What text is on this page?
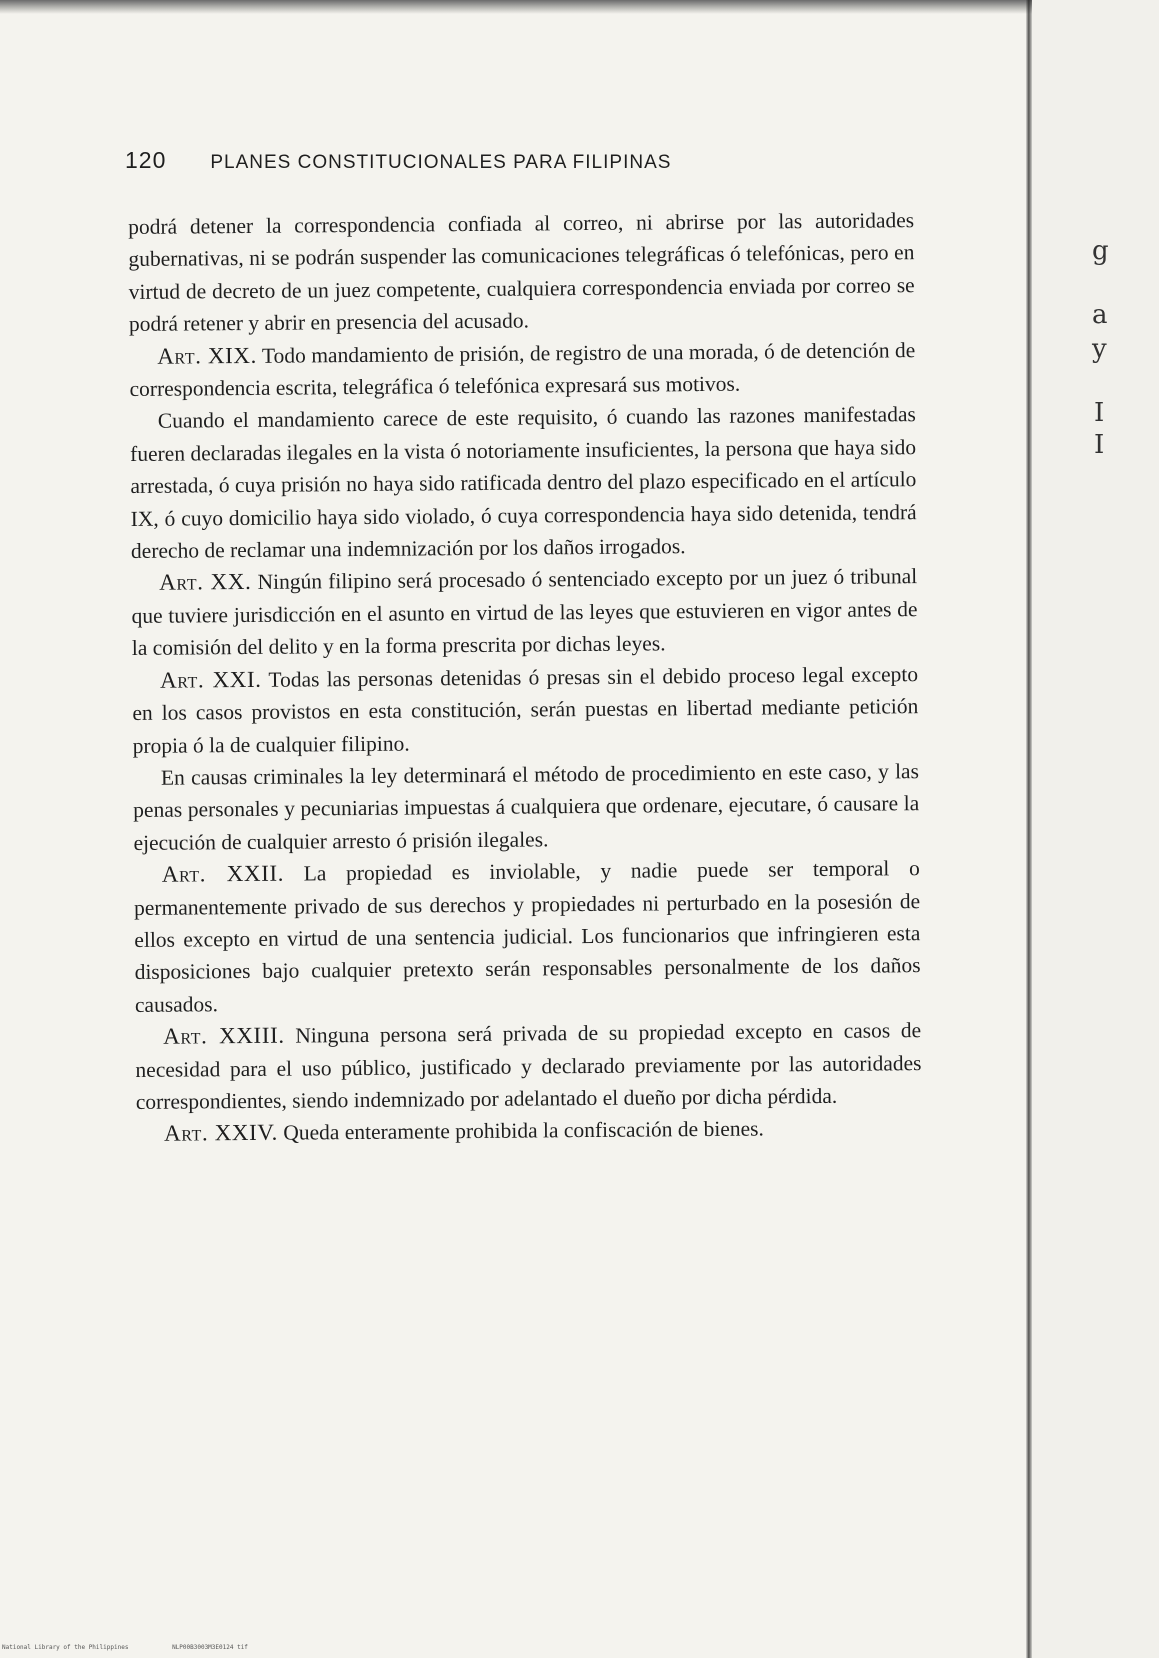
g
a
y
I
I
120 PLANES CONSTITUCIONALES PARA FILIPINAS

podrá detener la correspondencia confiada al correo, ni abrirse por las autoridades gubernativas, ni se podrán suspender las comunicaciones telegráficas ó telefónicas, pero en virtud de decreto de un juez competente, cualquiera correspondencia enviada por correo se podrá retener y abrir en presencia del acusado.

Art. XIX. Todo mandamiento de prisión, de registro de una morada, ó de detención de correspondencia escrita, telegráfica ó telefónica expresará sus motivos.

Cuando el mandamiento carece de este requisito, ó cuando las razones manifestadas fueren declaradas ilegales en la vista ó notoriamente insuficientes, la persona que haya sido arrestada, ó cuya prisión no haya sido ratificada dentro del plazo especificado en el artículo IX, ó cuyo domicilio haya sido violado, ó cuya correspondencia haya sido detenida, tendrá derecho de reclamar una indemnización por los daños irrogados.

Art. XX. Ningún filipino será procesado ó sentenciado excepto por un juez ó tribunal que tuviere jurisdicción en el asunto en virtud de las leyes que estuvieren en vigor antes de la comisión del delito y en la forma prescrita por dichas leyes.

Art. XXI. Todas las personas detenidas ó presas sin el debido proceso legal excepto en los casos provistos en esta constitución, serán puestas en libertad mediante petición propia ó la de cualquier filipino.

En causas criminales la ley determinará el método de procedimiento en este caso, y las penas personales y pecuniarias impuestas á cualquiera que ordenare, ejecutare, ó causare la ejecución de cualquier arresto ó prisión ilegales.

Art. XXII. La propiedad es inviolable, y nadie puede ser temporal o permanentemente privado de sus derechos y propiedades ni perturbado en la posesión de ellos excepto en virtud de una sentencia judicial. Los funcionarios que infringieren esta disposiciones bajo cualquier pretexto serán responsables personalmente de los daños causados.

Art. XXIII. Ninguna persona será privada de su propiedad excepto en casos de necesidad para el uso público, justificado y declarado previamente por las autoridades correspondientes, siendo indemnizado por adelantado el dueño por dicha pérdida.

Art. XXIV. Queda enteramente prohibida la confiscación de bienes.

National Library of the Philippines	NLP00B3003M3E0124 tif
